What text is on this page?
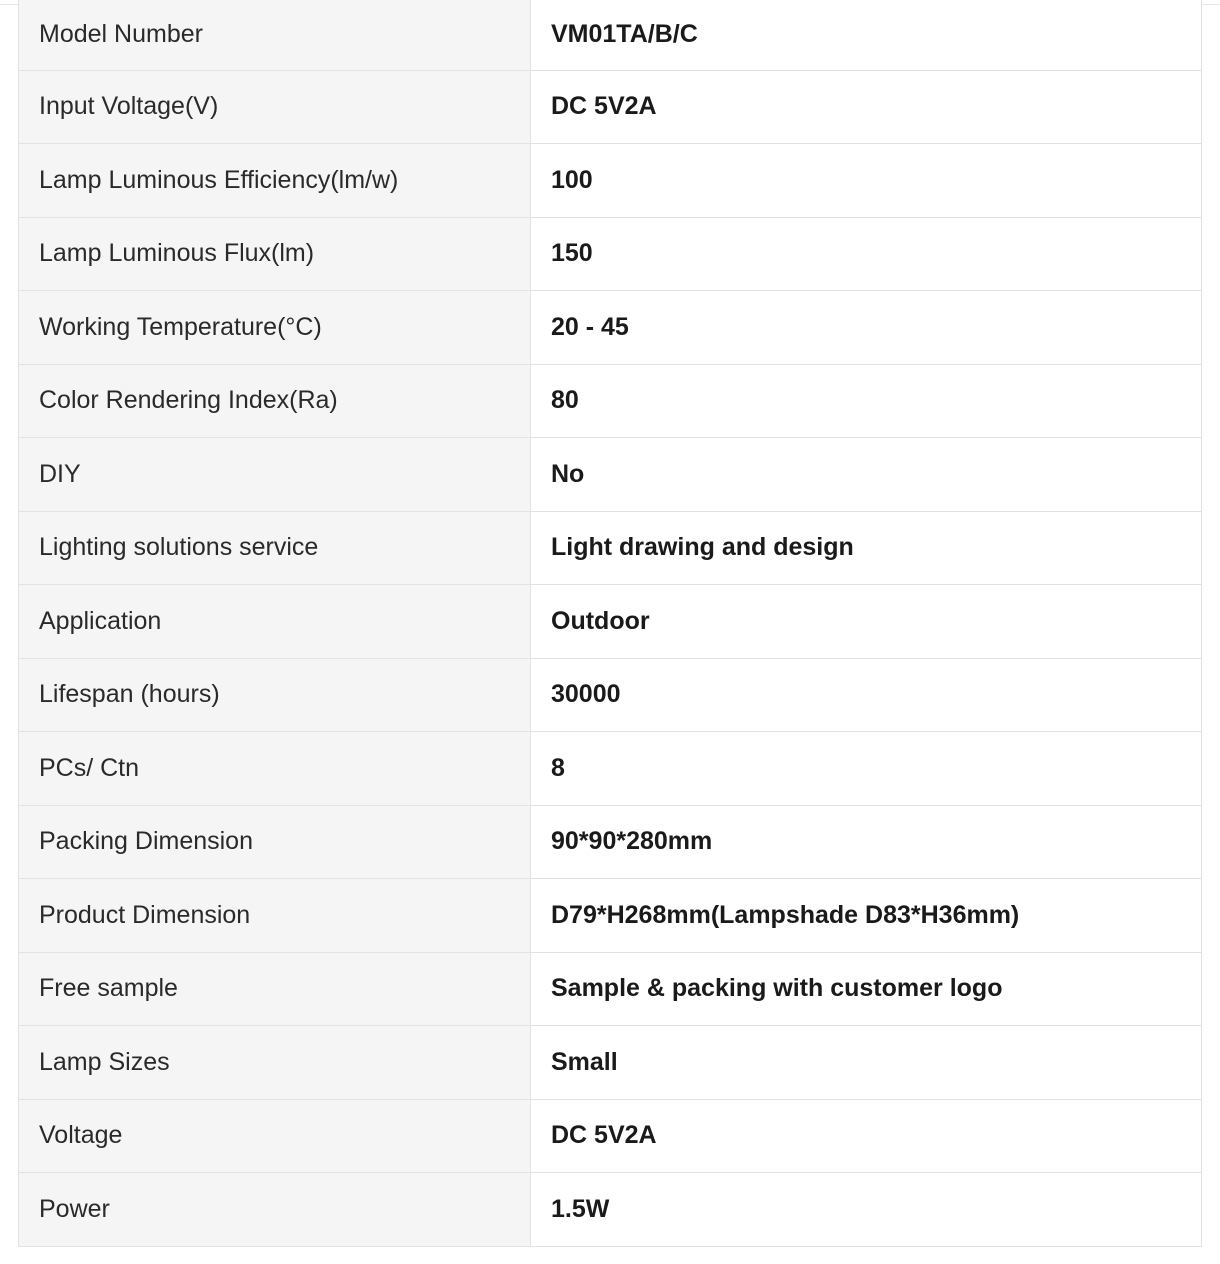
Model Number	VM01TA/B/C
Input Voltage(V)	DC 5V2A
Lamp Luminous Efficiency(lm/w)	100
Lamp Luminous Flux(lm)	150
Working Temperature(°C)	20 - 45
Color Rendering Index(Ra)	80
DIY	No
Lighting solutions service	Light drawing and design
Application	Outdoor
Lifespan (hours)	30000
PCs/ Ctn	8
Packing Dimension	90*90*280mm
Product Dimension	D79*H268mm(Lampshade D83*H36mm)
Free sample	Sample & packing with customer logo
Lamp Sizes	Small
Voltage	DC 5V2A
Power	1.5W
